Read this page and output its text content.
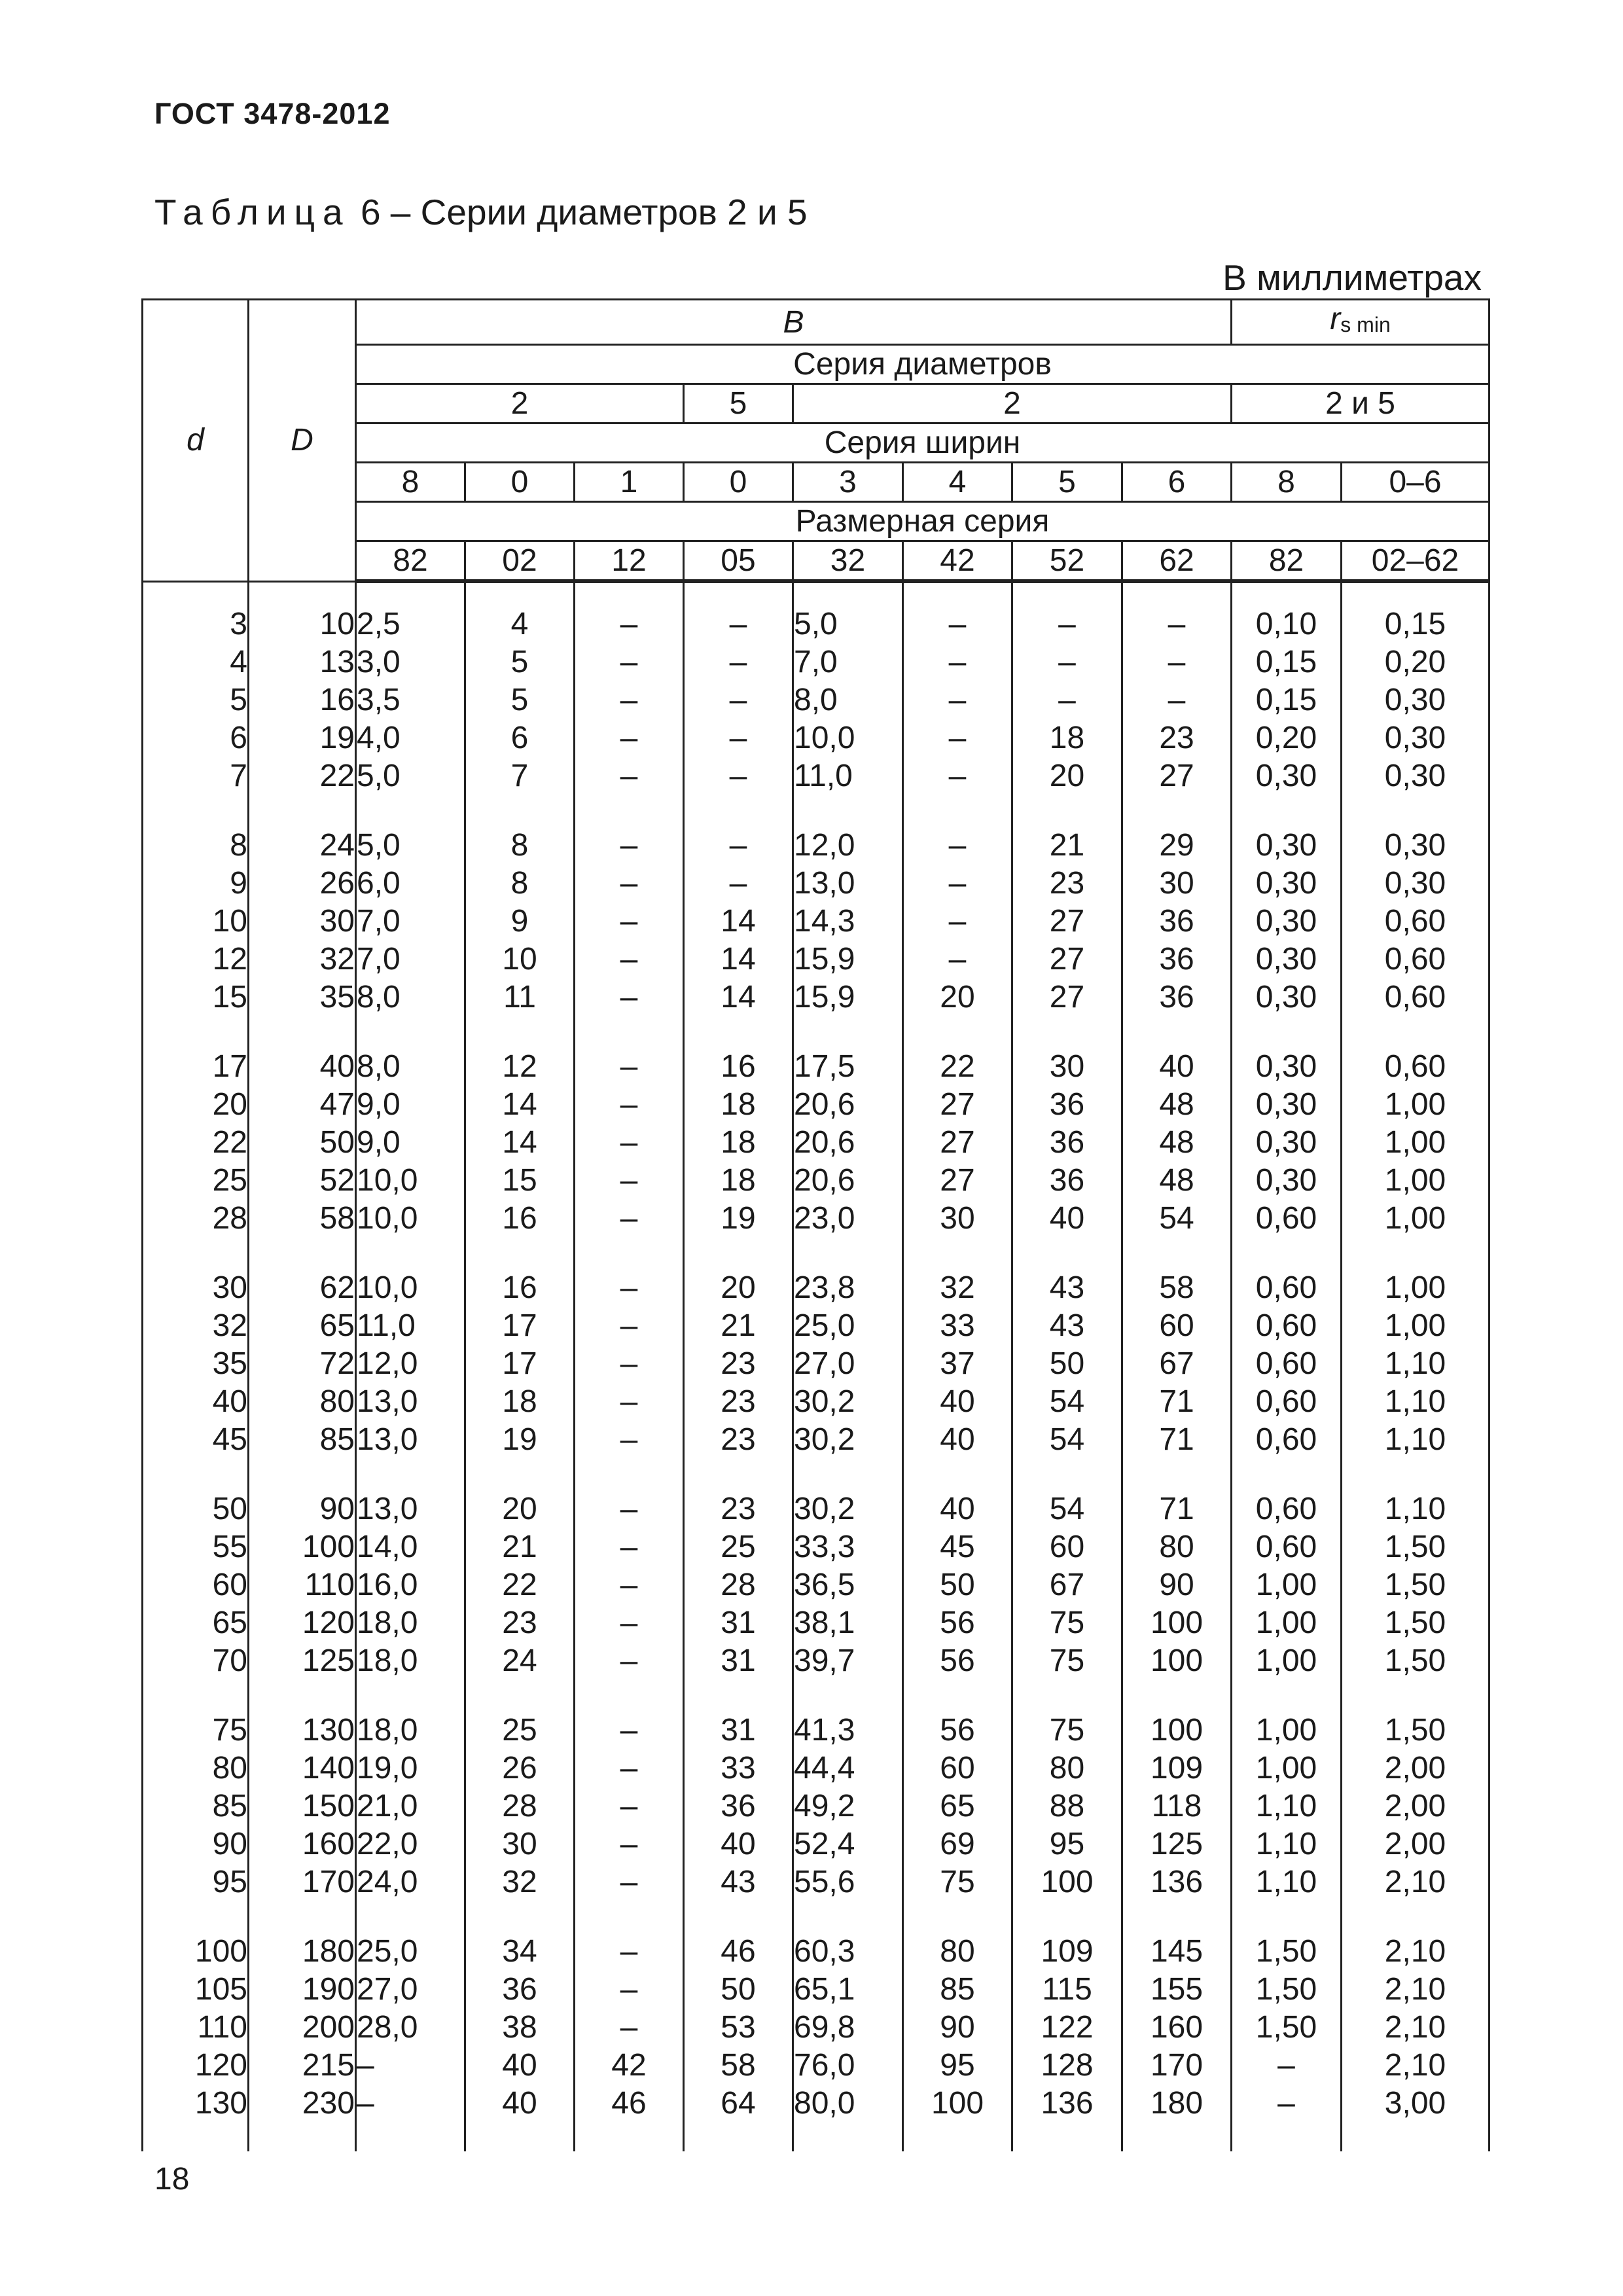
ГОСТ 3478-2012
Таблица 6 – Серии диаметров 2 и 5
В миллиметрах
d	D	B								rs min	
		Серия диаметров									
		2			5	2				2 и 5	
		Серия ширин									
		8	0	1	0	3	4	5	6	8	0–6
		Размерная серия									
		82	02	12	05	32	42	52	62	82	02–62

3	10	2,5	4	–	–	5,0	–	–	–	0,10	0,15
4	13	3,0	5	–	–	7,0	–	–	–	0,15	0,20
5	16	3,5	5	–	–	8,0	–	–	–	0,15	0,30
6	19	4,0	6	–	–	10,0	–	18	23	0,20	0,30
7	22	5,0	7	–	–	11,0	–	20	27	0,30	0,30

8	24	5,0	8	–	–	12,0	–	21	29	0,30	0,30
9	26	6,0	8	–	–	13,0	–	23	30	0,30	0,30
10	30	7,0	9	–	14	14,3	–	27	36	0,30	0,60
12	32	7,0	10	–	14	15,9	–	27	36	0,30	0,60
15	35	8,0	11	–	14	15,9	20	27	36	0,30	0,60

17	40	8,0	12	–	16	17,5	22	30	40	0,30	0,60
20	47	9,0	14	–	18	20,6	27	36	48	0,30	1,00
22	50	9,0	14	–	18	20,6	27	36	48	0,30	1,00
25	52	10,0	15	–	18	20,6	27	36	48	0,30	1,00
28	58	10,0	16	–	19	23,0	30	40	54	0,60	1,00

30	62	10,0	16	–	20	23,8	32	43	58	0,60	1,00
32	65	11,0	17	–	21	25,0	33	43	60	0,60	1,00
35	72	12,0	17	–	23	27,0	37	50	67	0,60	1,10
40	80	13,0	18	–	23	30,2	40	54	71	0,60	1,10
45	85	13,0	19	–	23	30,2	40	54	71	0,60	1,10

50	90	13,0	20	–	23	30,2	40	54	71	0,60	1,10
55	100	14,0	21	–	25	33,3	45	60	80	0,60	1,50
60	110	16,0	22	–	28	36,5	50	67	90	1,00	1,50
65	120	18,0	23	–	31	38,1	56	75	100	1,00	1,50
70	125	18,0	24	–	31	39,7	56	75	100	1,00	1,50

75	130	18,0	25	–	31	41,3	56	75	100	1,00	1,50
80	140	19,0	26	–	33	44,4	60	80	109	1,00	2,00
85	150	21,0	28	–	36	49,2	65	88	118	1,10	2,00
90	160	22,0	30	–	40	52,4	69	95	125	1,10	2,00
95	170	24,0	32	–	43	55,6	75	100	136	1,10	2,10

100	180	25,0	34	–	46	60,3	80	109	145	1,50	2,10
105	190	27,0	36	–	50	65,1	85	115	155	1,50	2,10
110	200	28,0	38	–	53	69,8	90	122	160	1,50	2,10
120	215	–	40	42	58	76,0	95	128	170	–	2,10
130	230	–	40	46	64	80,0	100	136	180	–	3,00

18
